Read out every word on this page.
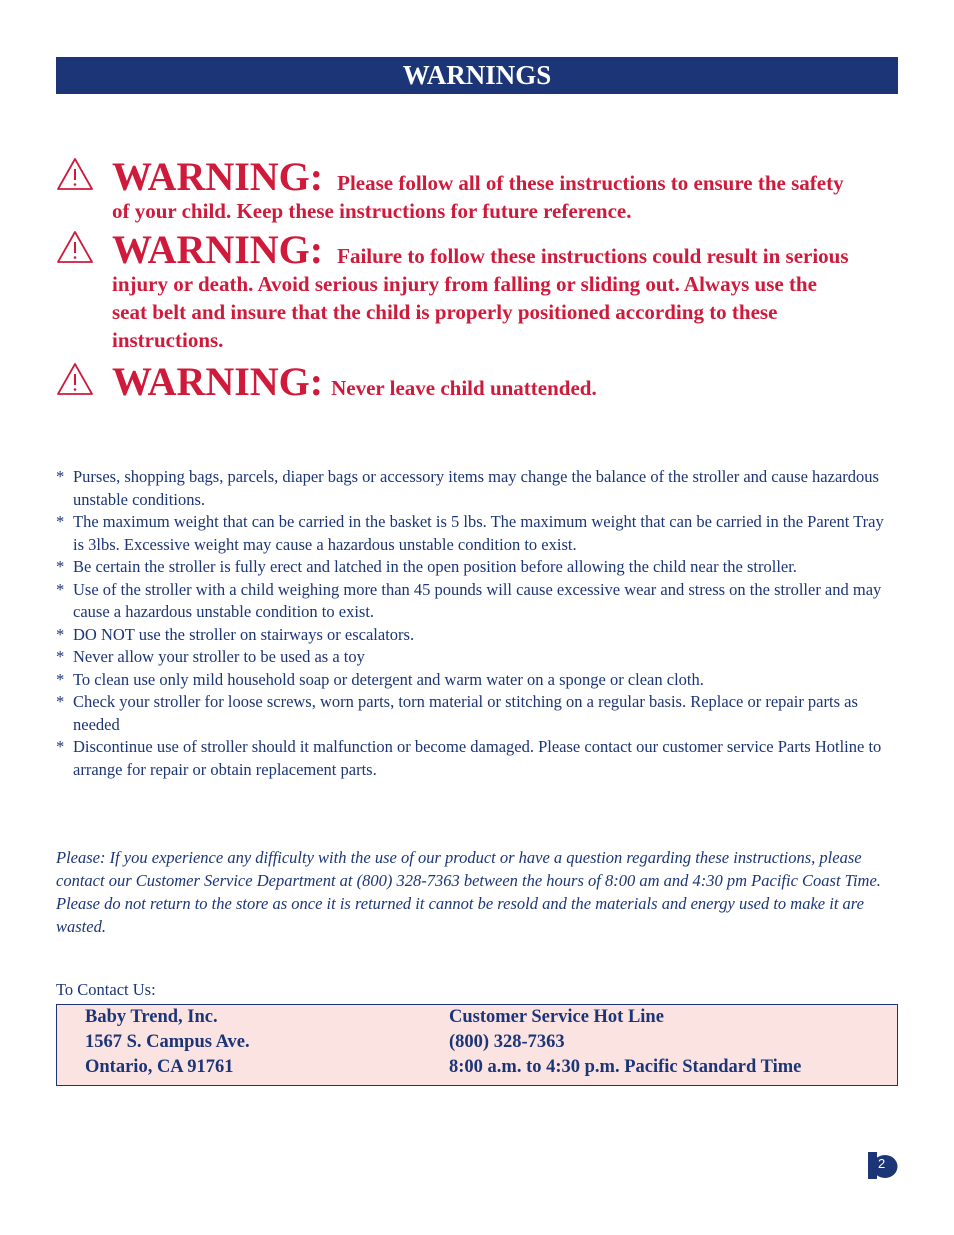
WARNINGS
WARNING: Please follow all of these instructions to ensure the safety of your child. Keep these instructions for future reference.
WARNING: Failure to follow these instructions could result in serious injury or death. Avoid serious injury from falling or sliding out. Always use the seat belt and insure that the child is properly positioned according to these instructions.
WARNING: Never leave child unattended.
* Purses, shopping bags, parcels, diaper bags or accessory items may change the balance of the stroller and cause hazardous unstable conditions.
* The maximum weight that can be carried in the basket is 5 lbs. The maximum weight that can be carried in the Parent Tray is 3lbs. Excessive weight may cause a hazardous unstable condition to exist.
* Be certain the stroller is fully erect and latched in the open position before allowing the child near the stroller.
* Use of the stroller with a child weighing more than 45 pounds will cause excessive wear and stress on the stroller and may cause a hazardous unstable condition to exist.
* DO NOT use the stroller on stairways or escalators.
* Never allow your stroller to be used as a toy
* To clean use only mild household soap or detergent and warm water on a sponge or clean cloth.
* Check your stroller for loose screws, worn parts, torn material or stitching on a regular basis. Replace or repair parts as needed
* Discontinue use of stroller should it malfunction or become damaged. Please contact our customer service Parts Hotline to arrange for repair or obtain replacement parts.

Please: If you experience any difficulty with the use of our product or have a question regarding these instructions, please contact our Customer Service Department at (800) 328-7363 between the hours of 8:00 am and 4:30 pm Pacific Coast Time. Please do not return to the store as once it is returned it cannot be resold and the materials and energy used to make it are wasted.

To Contact Us:
Baby Trend, Inc.
1567 S. Campus Ave.
Ontario, CA 91761
Customer Service Hot Line
(800) 328-7363
8:00 a.m. to 4:30 p.m. Pacific Standard Time
2
